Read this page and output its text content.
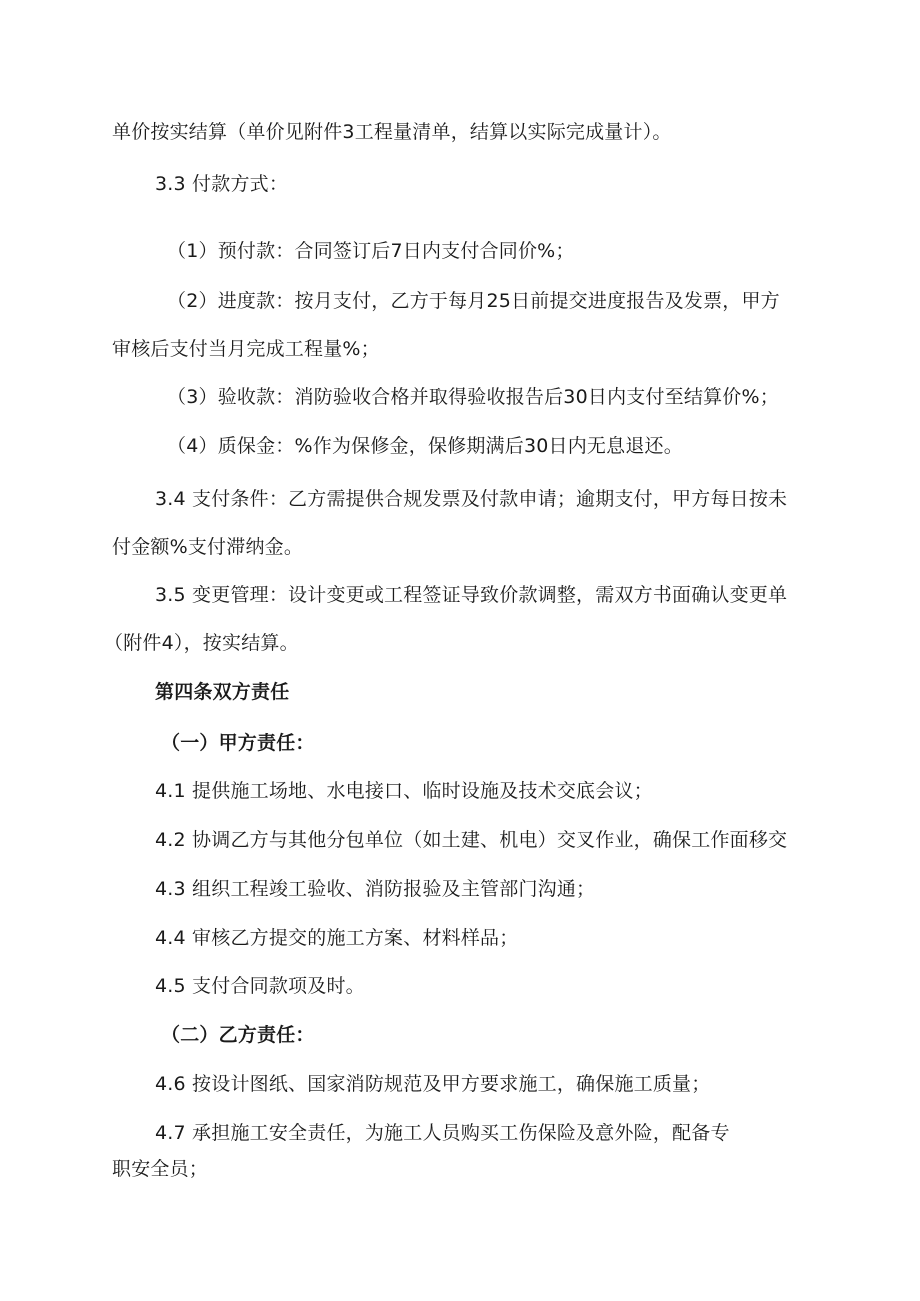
单价按实结算（单价见附件3工程量清单，结算以实际完成量计）。
3.3 付款方式：
（1）预付款：合同签订后7日内支付合同价%；
（2）进度款：按月支付，乙方于每月25日前提交进度报告及发票，甲方
审核后支付当月完成工程量%；
（3）验收款：消防验收合格并取得验收报告后30日内支付至结算价%；
（4）质保金：%作为保修金，保修期满后30日内无息退还。
3.4 支付条件：乙方需提供合规发票及付款申请；逾期支付，甲方每日按未
付金额%支付滞纳金。
3.5 变更管理：设计变更或工程签证导致价款调整，需双方书面确认变更单
（附件4），按实结算。
第四条双方责任
（一）甲方责任：
4.1 提供施工场地、水电接口、临时设施及技术交底会议；
4.2 协调乙方与其他分包单位（如土建、机电）交叉作业，确保工作面移交
4.3 组织工程竣工验收、消防报验及主管部门沟通；
4.4 审核乙方提交的施工方案、材料样品；
4.5 支付合同款项及时。
（二）乙方责任：
4.6 按设计图纸、国家消防规范及甲方要求施工，确保施工质量；
4.7 承担施工安全责任，为施工人员购买工伤保险及意外险，配备专
职安全员；
